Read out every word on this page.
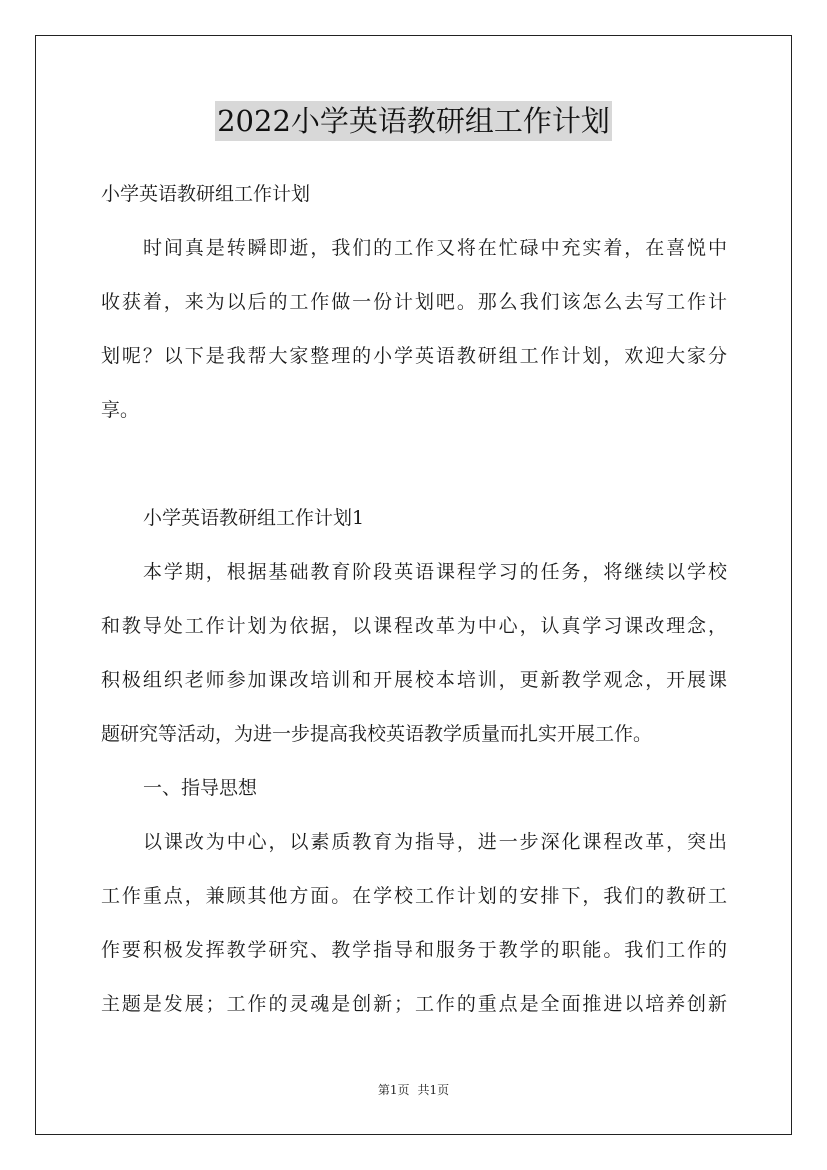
2022小学英语教研组工作计划
小学英语教研组工作计划
时间真是转瞬即逝，我们的工作又将在忙碌中充实着，在喜悦中
收获着，来为以后的工作做一份计划吧。那么我们该怎么去写工作计
划呢？以下是我帮大家整理的小学英语教研组工作计划，欢迎大家分
享。
小学英语教研组工作计划1
本学期，根据基础教育阶段英语课程学习的任务，将继续以学校
和教导处工作计划为依据，以课程改革为中心，认真学习课改理念，
积极组织老师参加课改培训和开展校本培训，更新教学观念，开展课
题研究等活动，为进一步提高我校英语教学质量而扎实开展工作。
一、指导思想
以课改为中心，以素质教育为指导，进一步深化课程改革，突出
工作重点，兼顾其他方面。在学校工作计划的安排下，我们的教研工
作要积极发挥教学研究、教学指导和服务于教学的职能。我们工作的
主题是发展；工作的灵魂是创新；工作的重点是全面推进以培养创新
第1页 共1页
